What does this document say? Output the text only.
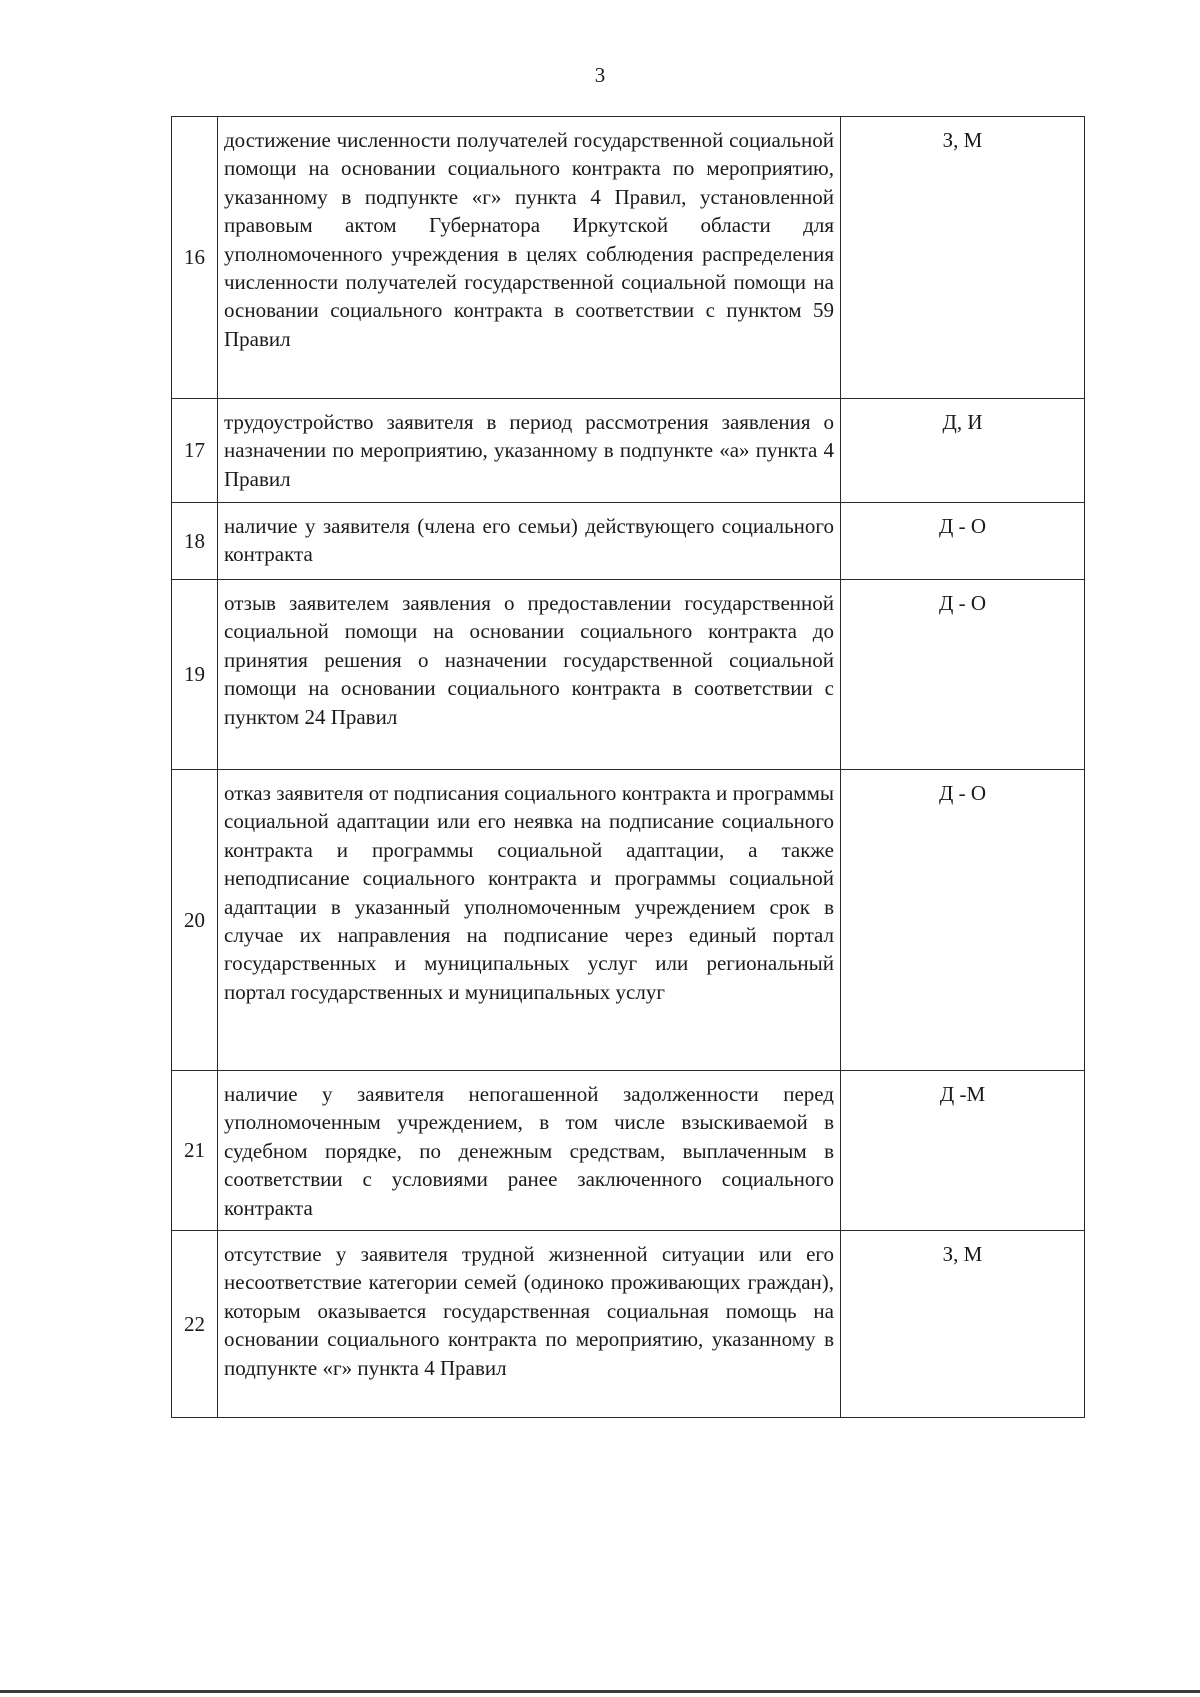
3
16	достижение численности получателей государственной социальной помощи на основании социального контракта по мероприятию, указанному в подпункте «г» пункта 4 Правил, установленной правовым актом Губернатора Иркутской области для уполномоченного учреждения в целях соблюдения распределения численности получателей государственной социальной помощи на основании социального контракта в соответствии с пунктом 59 Правил	З, М
17	трудоустройство заявителя в период рассмотрения заявления о назначении по мероприятию, указанному в подпункте «а» пункта 4 Правил	Д, И
18	наличие у заявителя (члена его семьи) действующего социального контракта	Д - О
19	отзыв заявителем заявления о предоставлении государственной социальной помощи на основании социального контракта до принятия решения о назначении государственной социальной помощи на основании социального контракта в соответствии с пунктом 24 Правил	Д - О
20	отказ заявителя от подписания социального контракта и программы социальной адаптации или его неявка на подписание социального контракта и программы социальной адаптации, а также неподписание социального контракта и программы социальной адаптации в указанный уполномоченным учреждением срок в случае их направления на подписание через единый портал государственных и муниципальных услуг или региональный портал государственных и муниципальных услуг	Д - О
21	наличие у заявителя непогашенной задолженности перед уполномоченным учреждением, в том числе взыскиваемой в судебном порядке, по денежным средствам, выплаченным в соответствии с условиями ранее заключенного социального контракта	Д -М
22	отсутствие у заявителя трудной жизненной ситуации или его несоответствие категории семей (одиноко проживающих граждан), которым оказывается государственная социальная помощь на основании социального контракта по мероприятию, указанному в подпункте «г» пункта 4 Правил	З, М
